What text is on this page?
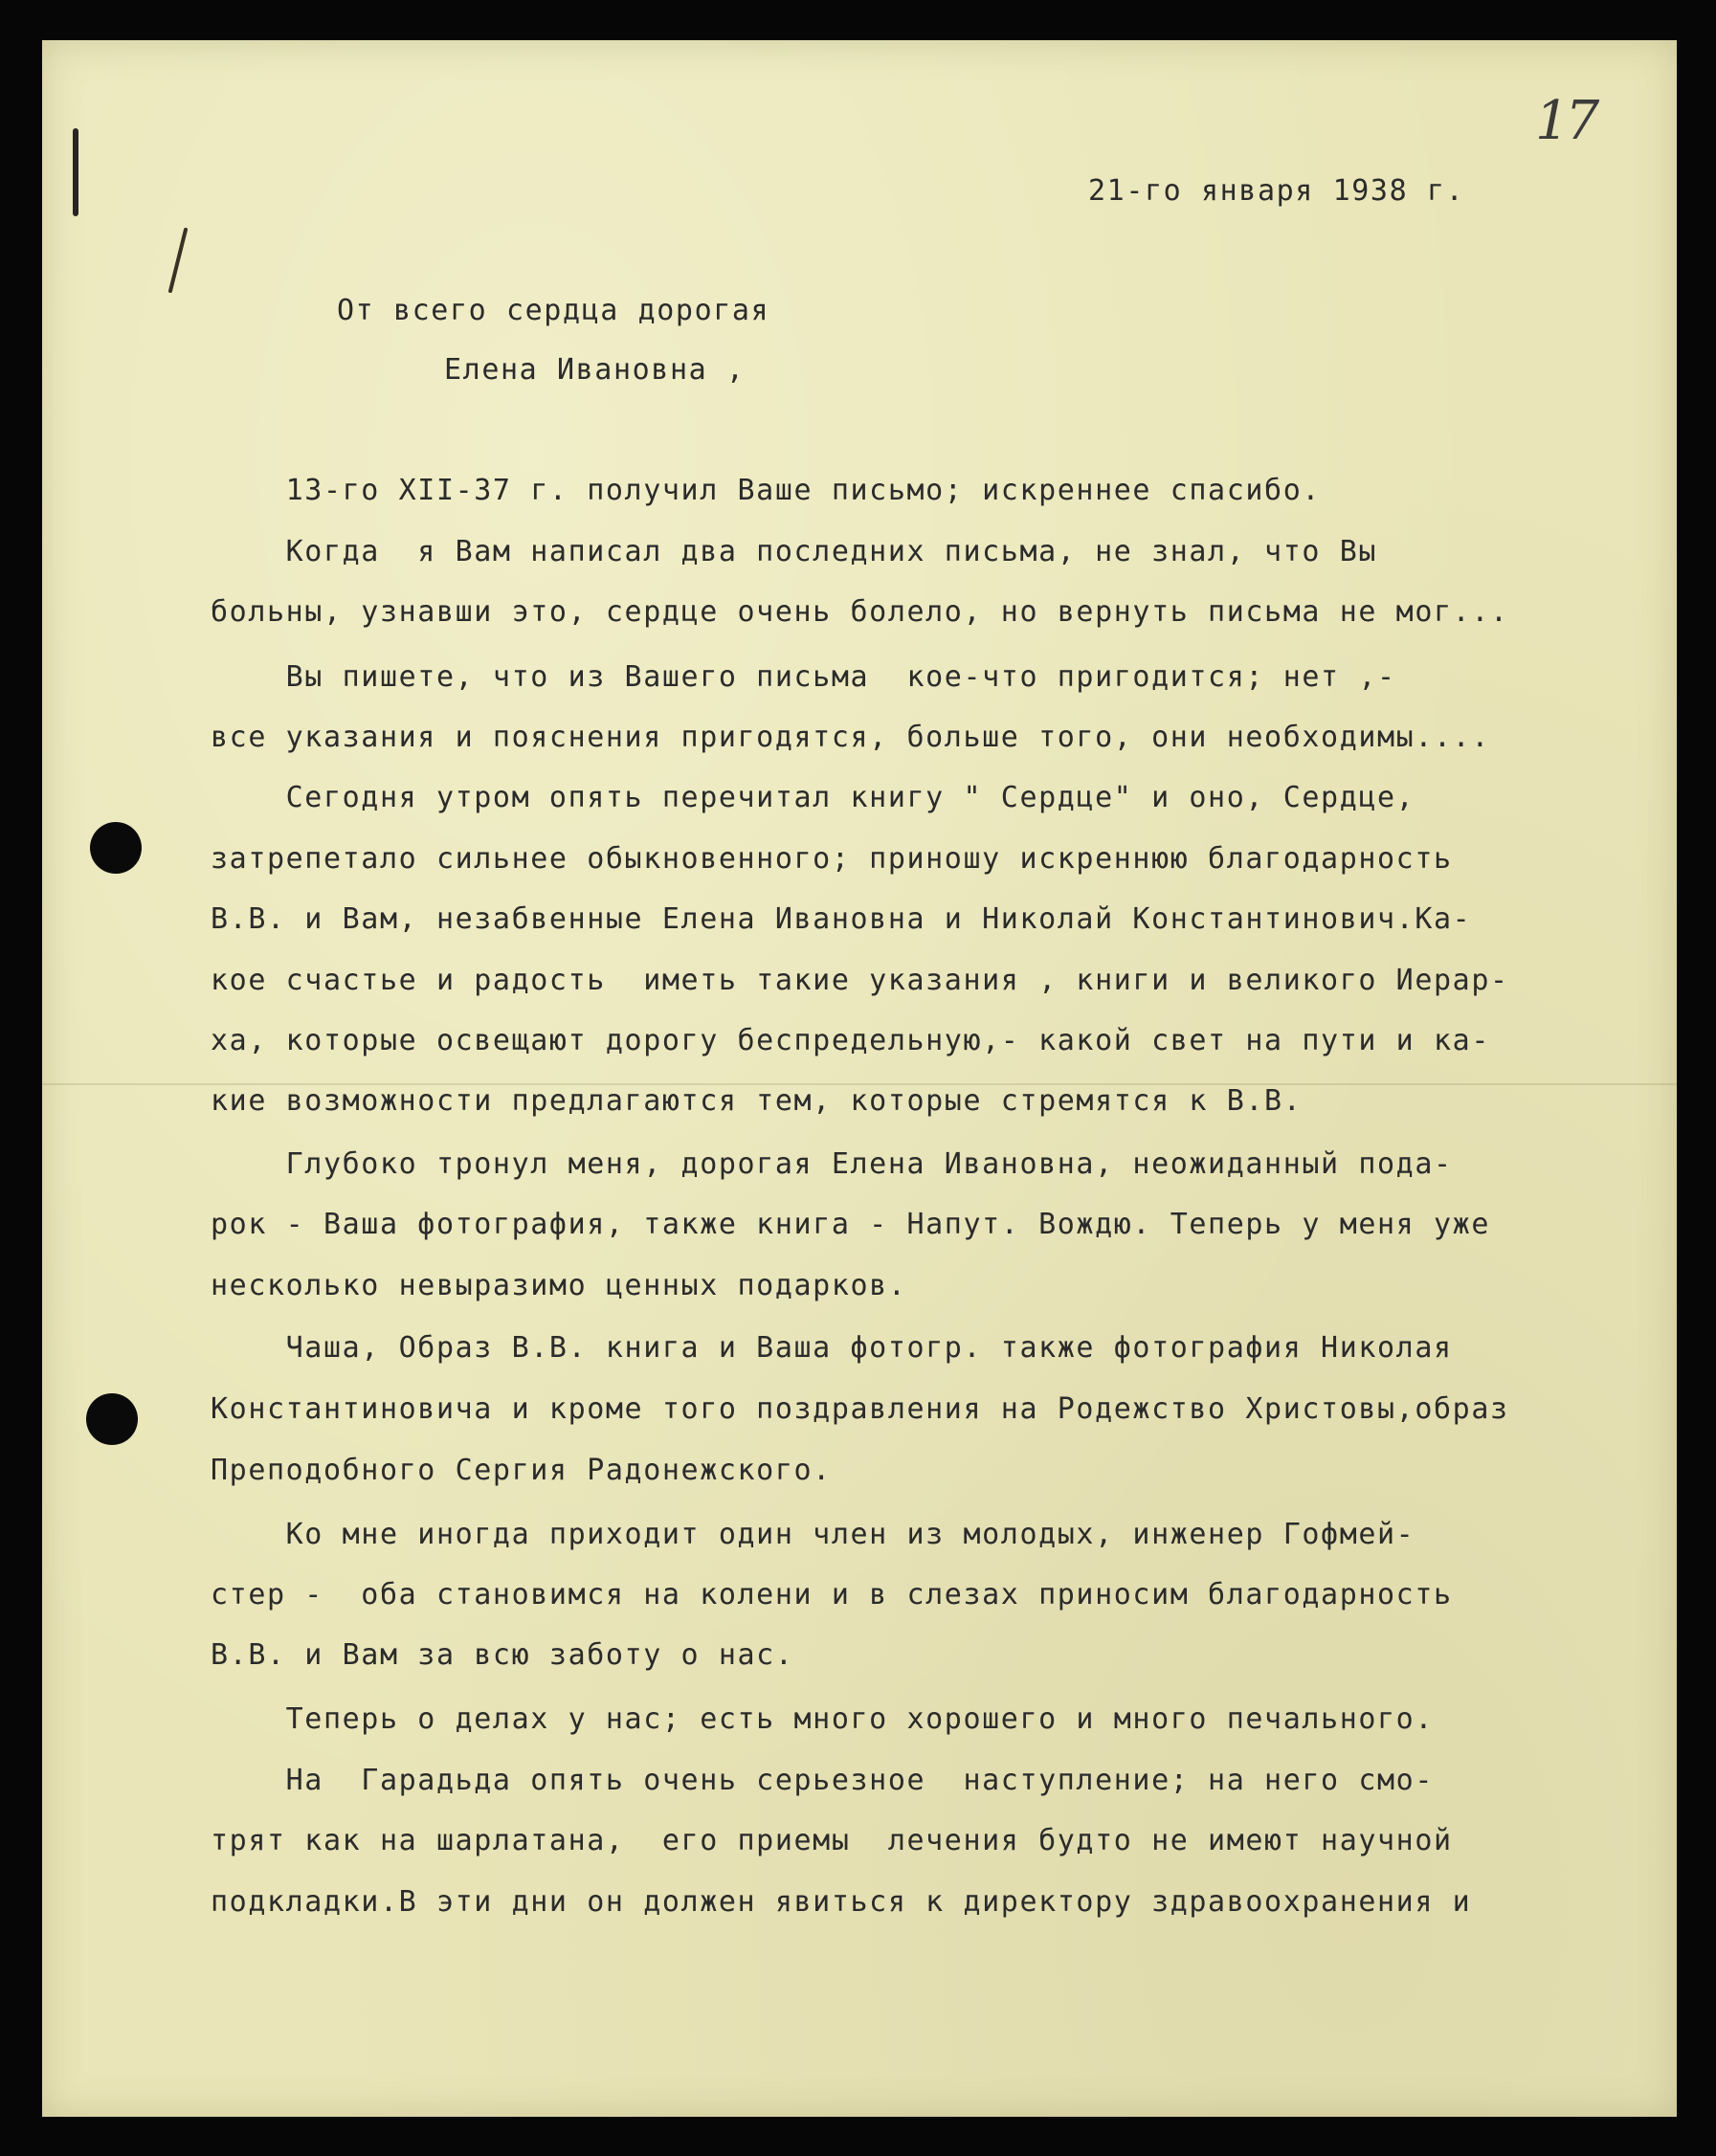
17
21-го января 1938 г.
От всего сердца дорогая
Елена Ивановна ,
13-го XII-37 г. получил Ваше письмо; искреннее спасибо.
Когда  я Вам написал два последних письма, не знал, что Вы
больны, узнавши это, сердце очень болело, но вернуть письма не мог...
Вы пишете, что из Вашего письма  кое-что пригодится; нет ,-
все указания и пояснения пригодятся, больше того, они необходимы....
Сегодня утром опять перечитал книгу " Сердце" и оно, Сердце,
затрепетало сильнее обыкновенного; приношу искреннюю благодарность
В.В. и Вам, незабвенные Елена Ивановна и Николай Константинович.Ка-
кое счастье и радость  иметь такие указания , книги и великого Иерар-
ха, которые освещают дорогу беспредельную,- какой свет на пути и ка-
кие возможности предлагаются тем, которые стремятся к В.В.
Глубоко тронул меня, дорогая Елена Ивановна, неожиданный пода-
рок - Ваша фотография, также книга - Напут. Вождю. Теперь у меня уже
несколько невыразимо ценных подарков.
Чаша, Образ В.В. книга и Ваша фотогр. также фотография Николая
Константиновича и кроме того поздравления на Родежство Христовы,образ
Преподобного Сергия Радонежского.
Ко мне иногда приходит один член из молодых, инженер Гофмей-
стер -  оба становимся на колени и в слезах приносим благодарность
В.В. и Вам за всю заботу о нас.
Теперь о делах у нас; есть много хорошего и много печального.
На  Гарадьда опять очень серьезное  наступление; на него смо-
трят как на шарлатана,  его приемы  лечения будто не имеют научной
подкладки.В эти дни он должен явиться к директору здравоохранения и
